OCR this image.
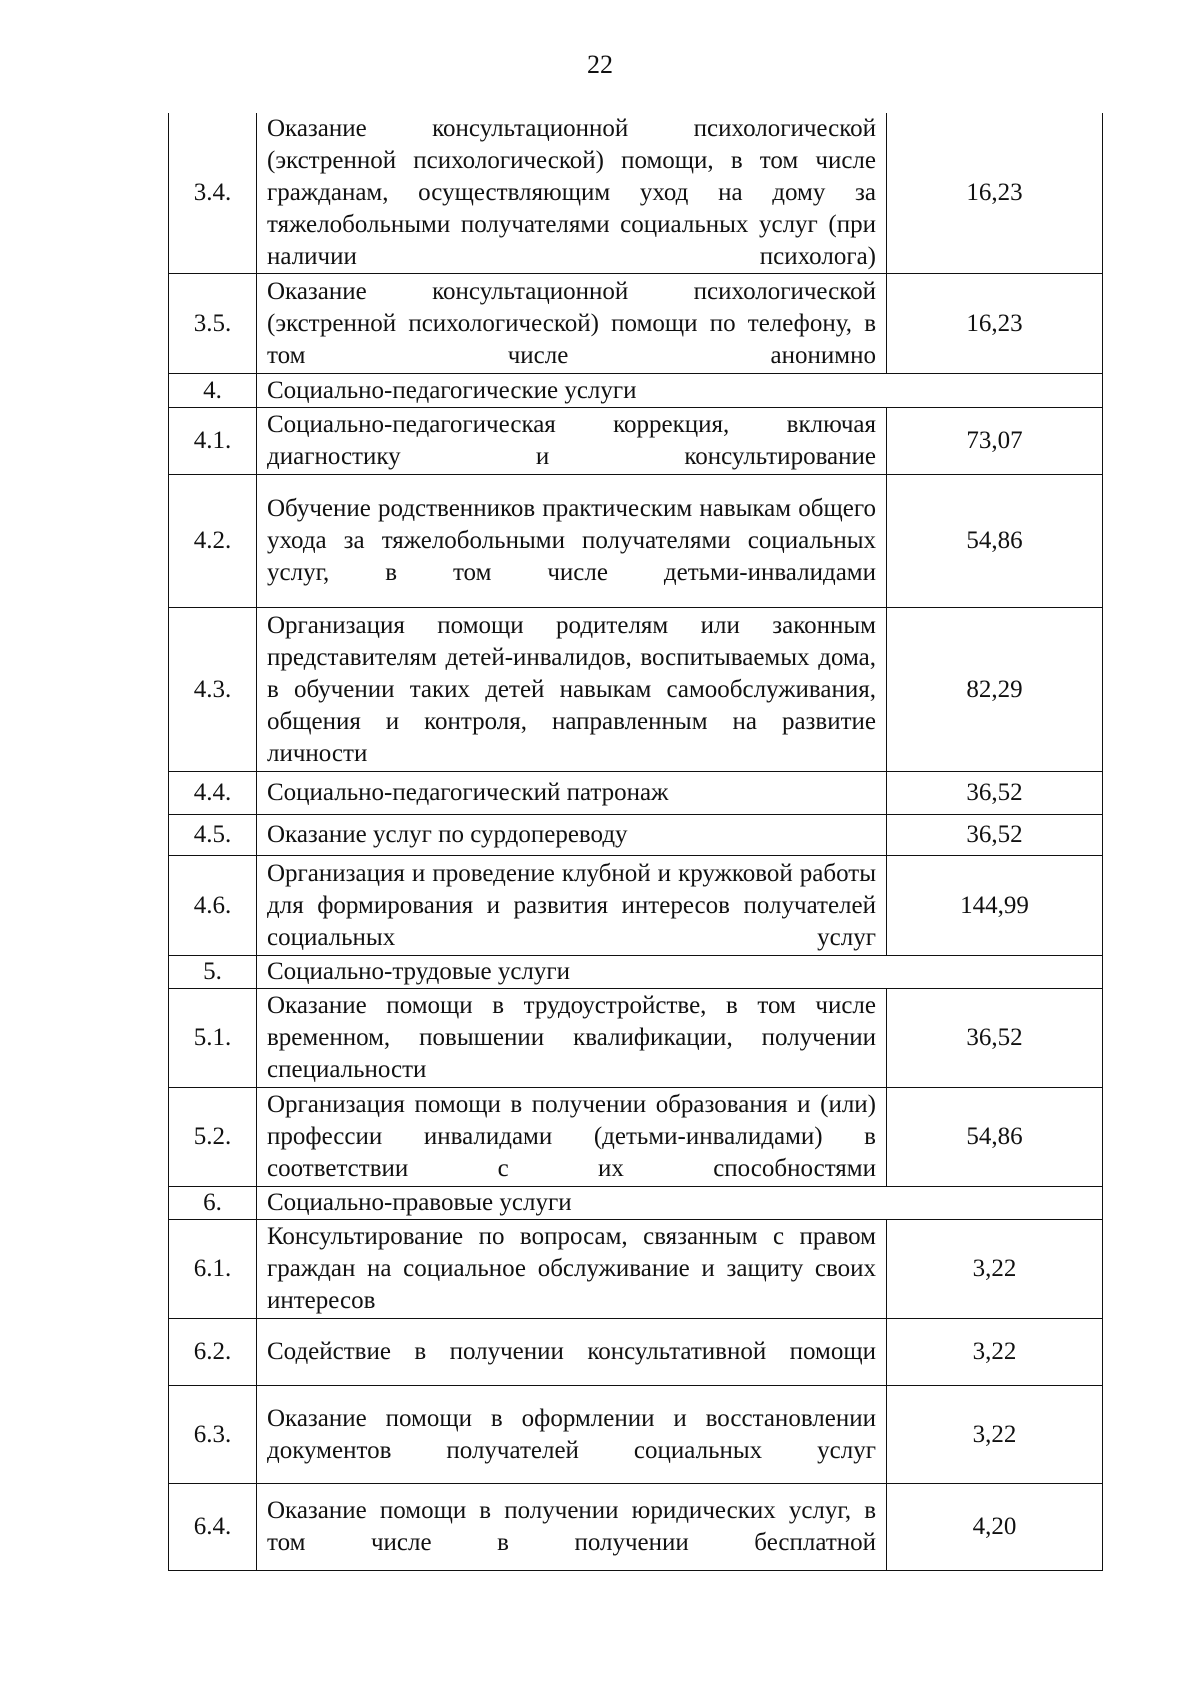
22
3.4.	Оказание консультационной психологической (экстренной психологической) помощи, в том числе гражданам, осуществляющим уход на дому за тяжелобольными получателями социальных услуг (при наличии психолога)	16,23
3.5.	Оказание консультационной психологической (экстренной психологической) помощи по телефону, в том числе анонимно	16,23
4.	Социально-педагогические услуги	
4.1.	Социально-педагогическая коррекция, включая диагностику и консультирование	73,07
4.2.	Обучение родственников практическим навыкам общего ухода за тяжелобольными получателями социальных услуг, в том числе детьми-инвалидами	54,86
4.3.	Организация помощи родителям или законным представителям детей-инвалидов, воспитываемых дома, в обучении таких детей навыкам самообслуживания, общения и контроля, направленным на развитие личности	82,29
4.4.	Социально-педагогический патронаж	36,52
4.5.	Оказание услуг по сурдопереводу	36,52
4.6.	Организация и проведение клубной и кружковой работы для формирования и развития интересов получателей социальных услуг	144,99
5.	Социально-трудовые услуги	
5.1.	Оказание помощи в трудоустройстве, в том числе временном, повышении квалификации, получении специальности	36,52
5.2.	Организация помощи в получении образования и (или) профессии инвалидами (детьми-инвалидами) в соответствии с их способностями	54,86
6.	Социально-правовые услуги	
6.1.	Консультирование по вопросам, связанным с правом граждан на социальное обслуживание и защиту своих интересов	3,22
6.2.	Содействие в получении консультативной помощи	3,22
6.3.	Оказание помощи в оформлении и восстановлении документов получателей социальных услуг	3,22
6.4.	Оказание помощи в получении юридических услуг, в том числе в получении бесплатной	4,20
